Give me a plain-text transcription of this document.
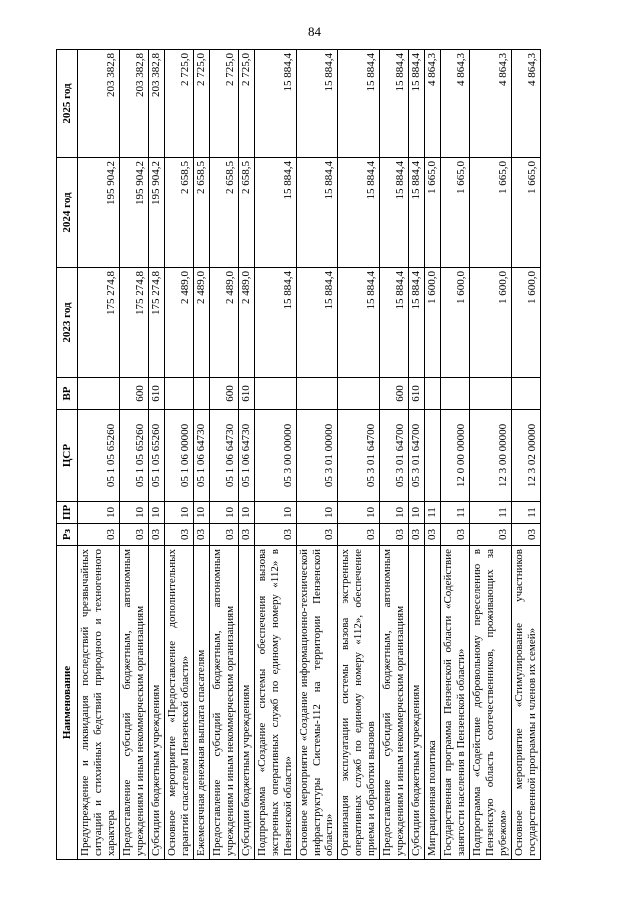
84
Наименование	Рз	ПР	ЦСР	ВР	2023 год	2024 год	2025 год
Предупреждение и ликвидация последствий чрезвычайных ситуаций и стихийных бедствий природного и техногенного характера	03	10	05 1 05 65260		175 274,8	195 904,2	203 382,8
Предоставление субсидий бюджетным, автономным учреждениям и иным некоммерческим организациям	03	10	05 1 05 65260	600	175 274,8	195 904,2	203 382,8
Субсидии бюджетным учреждениям	03	10	05 1 05 65260	610	175 274,8	195 904,2	203 382,8
Основное мероприятие «Предоставление дополнительных гарантий спасателям Пензенской области»	03	10	05 1 06 00000		2 489,0	2 658,5	2 725,0
Ежемесячная денежная выплата спасателям	03	10	05 1 06 64730		2 489,0	2 658,5	2 725,0
Предоставление субсидий бюджетным, автономным учреждениям и иным некоммерческим организациям	03	10	05 1 06 64730	600	2 489,0	2 658,5	2 725,0
Субсидии бюджетным учреждениям	03	10	05 1 06 64730	610	2 489,0	2 658,5	2 725,0
Подпрограмма «Создание системы обеспечения вызова экстренных оперативных служб по единому номеру «112» в Пензенской области»	03	10	05 3 00 00000		15 884,4	15 884,4	15 884,4
Основное мероприятие «Создание информационно-технической инфраструктуры Системы-112 на территории Пензенской области»	03	10	05 3 01 00000		15 884,4	15 884,4	15 884,4
Организация эксплуатации системы вызова экстренных оперативных служб по единому номеру «112», обеспечение приема и обработки вызовов	03	10	05 3 01 64700		15 884,4	15 884,4	15 884,4
Предоставление субсидий бюджетным, автономным учреждениям и иным некоммерческим организациям	03	10	05 3 01 64700	600	15 884,4	15 884,4	15 884,4
Субсидии бюджетным учреждениям	03	10	05 3 01 64700	610	15 884,4	15 884,4	15 884,4
Миграционная политика	03	11			1 600,0	1 665,0	4 864,3
Государственная программа Пензенской области «Содействие занятости населения в Пензенской области»	03	11	12 0 00 00000		1 600,0	1 665,0	4 864,3
Подпрограмма «Содействие добровольному переселению в Пензенскую область соотечественников, проживающих за рубежом»	03	11	12 3 00 00000		1 600,0	1 665,0	4 864,3
Основное мероприятие «Стимулирование участников государственной программы и членов их семей»	03	11	12 3 02 00000		1 600,0	1 665,0	4 864,3
